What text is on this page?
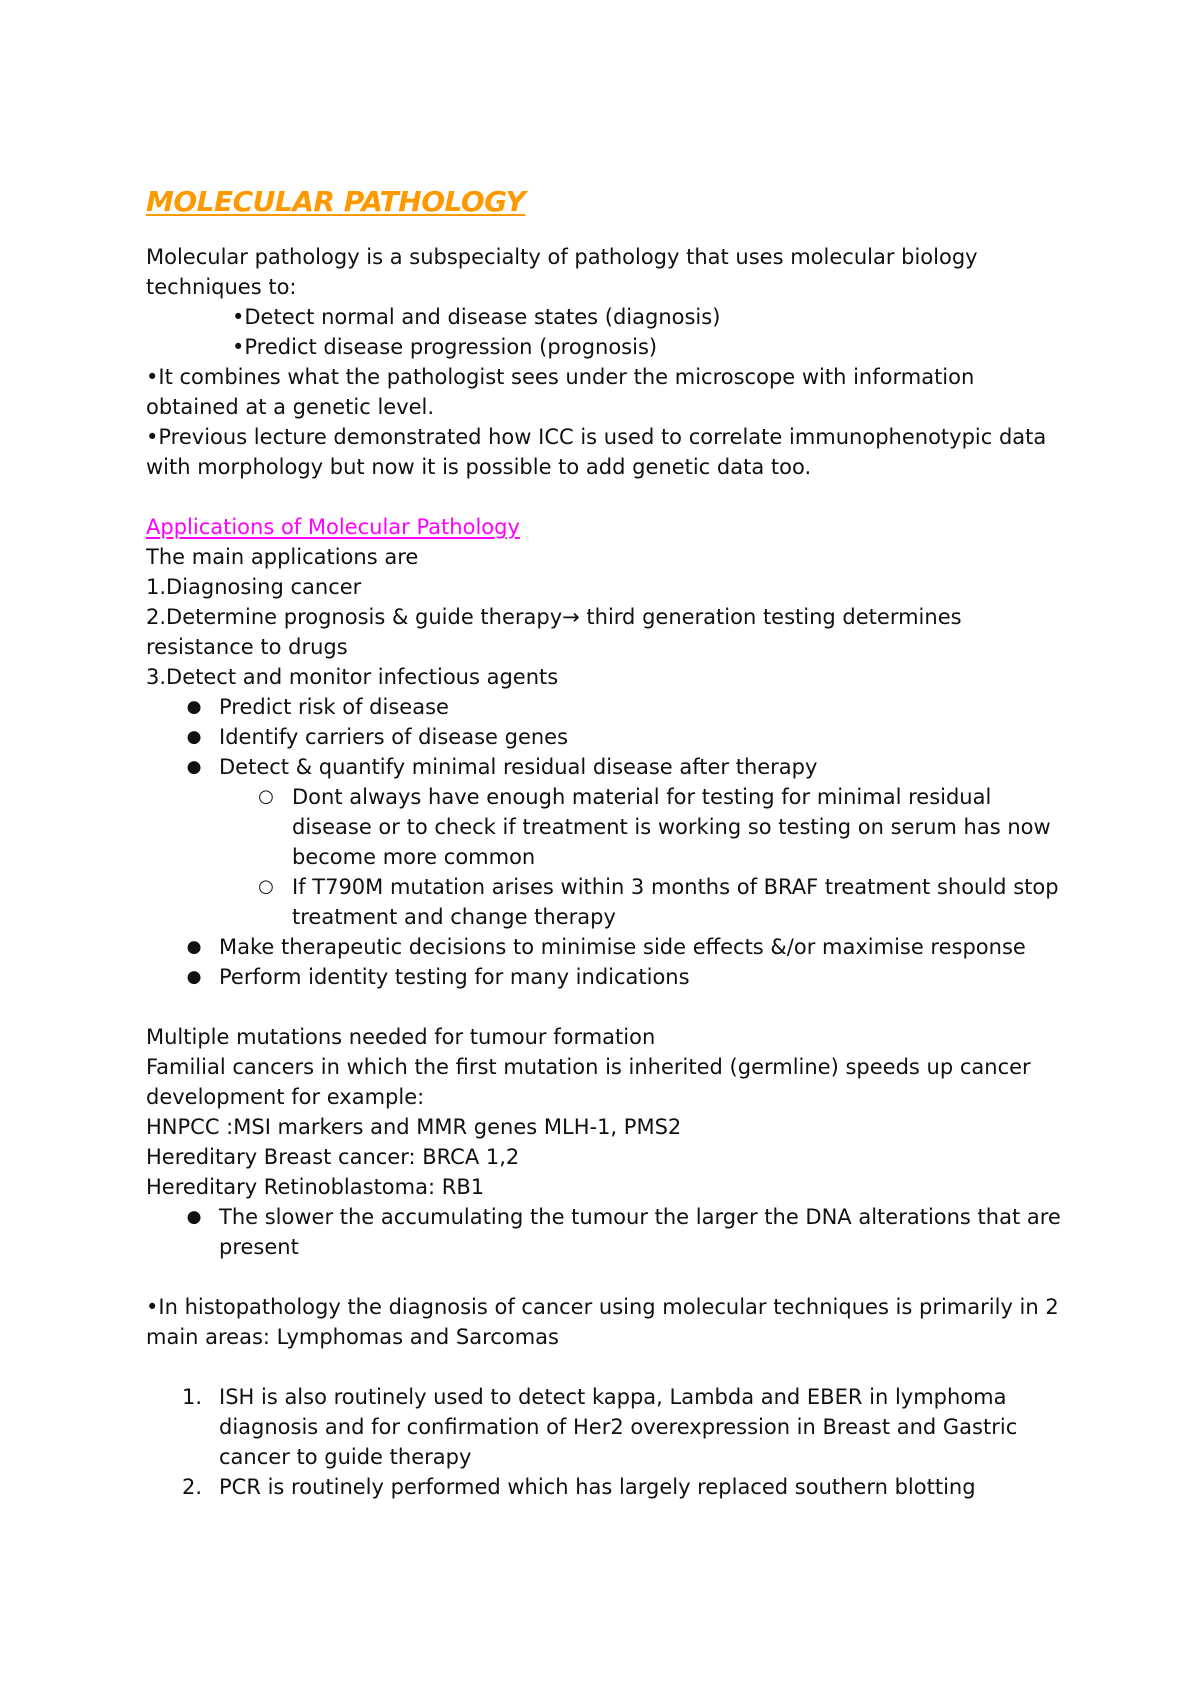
MOLECULAR PATHOLOGY

Molecular pathology is a subspecialty of pathology that uses molecular biology techniques to:

•Detect normal and disease states (diagnosis)

•Predict disease progression (prognosis)

•It combines what the pathologist sees under the microscope with information obtained at a genetic level.

•Previous lecture demonstrated how ICC is used to correlate immunophenotypic data with morphology but now it is possible to add genetic data too.

Applications of Molecular Pathology

The main applications are

1.Diagnosing cancer

2.Determine prognosis & guide therapy→ third generation testing determines resistance to drugs

3.Detect and monitor infectious agents

● Predict risk of disease
● Identify carriers of disease genes
● Detect & quantify minimal residual disease after therapy
○ Dont always have enough material for testing for minimal residual disease or to check if treatment is working so testing on serum has now become more common
○ If T790M mutation arises within 3 months of BRAF treatment should stop treatment and change therapy
● Make therapeutic decisions to minimise side effects &/or maximise response
● Perform identity testing for many indications

Multiple mutations needed for tumour formation

Familial cancers in which the first mutation is inherited (germline) speeds up cancer development for example:

HNPCC :MSI markers and MMR genes MLH-1, PMS2

Hereditary Breast cancer: BRCA 1,2

Hereditary Retinoblastoma: RB1

● The slower the accumulating the tumour the larger the DNA alterations that are present

•In histopathology the diagnosis of cancer using molecular techniques is primarily in 2 main areas: Lymphomas and Sarcomas

1. ISH is also routinely used to detect kappa, Lambda and EBER in lymphoma diagnosis and for confirmation of Her2 overexpression in Breast and Gastric cancer to guide therapy
2. PCR is routinely performed which has largely replaced southern blotting
